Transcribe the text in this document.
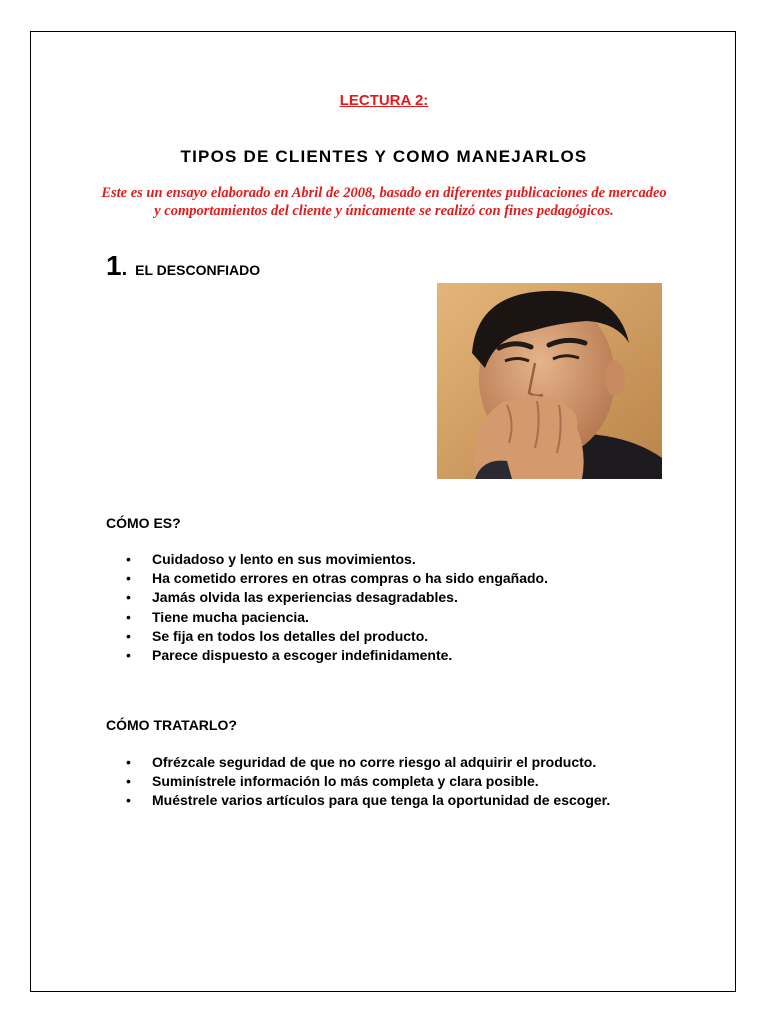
LECTURA 2:
TIPOS DE CLIENTES Y COMO MANEJARLOS
Este es un ensayo elaborado en Abril de 2008, basado en diferentes publicaciones de mercadeo y comportamientos del cliente y únicamente se realizó con fines pedagógicos.
1 . EL DESCONFIADO
CÓMO ES?
• Cuidadoso y lento en sus movimientos.
• Ha cometido errores en otras compras o ha sido engañado.
• Jamás olvida las experiencias desagradables.
• Tiene mucha paciencia.
• Se fija en todos los detalles del producto.
• Parece dispuesto a escoger indefinidamente.
CÓMO TRATARLO?
• Ofrézcale seguridad de que no corre riesgo al adquirir el producto.
• Suminístrele información lo más completa y clara posible.
• Muéstrele varios artículos para que tenga la oportunidad de escoger.
